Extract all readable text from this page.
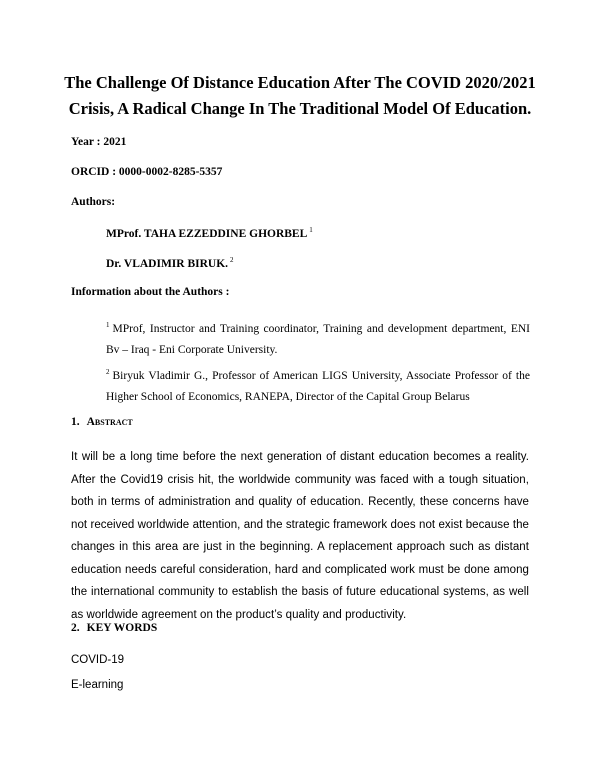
The Challenge Of Distance Education After The COVID 2020/2021
Crisis, A Radical Change In The Traditional Model Of Education.
Year : 2021
ORCID : 0000-0002-8285-5357
Authors:
MProf. TAHA EZZEDDINE GHORBEL $^1$
Dr. VLADIMIR BIRUK. $^2$
Information about the Authors :
$^1$ MProf, Instructor and Training coordinator, Training and development department, ENI Bv – Iraq - Eni Corporate University.
$^2$ Biryuk Vladimir G., Professor of American LIGS University, Associate Professor of the Higher School of Economics, RANEPA, Director of the Capital Group Belarus
1. Abstract
It will be a long time before the next generation of distant education becomes a reality. After the Covid19 crisis hit, the worldwide community was faced with a tough situation, both in terms of administration and quality of education. Recently, these concerns have not received worldwide attention, and the strategic framework does not exist because the changes in this area are just in the beginning. A replacement approach such as distant education needs careful consideration, hard and complicated work must be done among the international community to establish the basis of future educational systems, as well as worldwide agreement on the product’s quality and productivity.
2. KEY WORDS
COVID-19
E-learning
